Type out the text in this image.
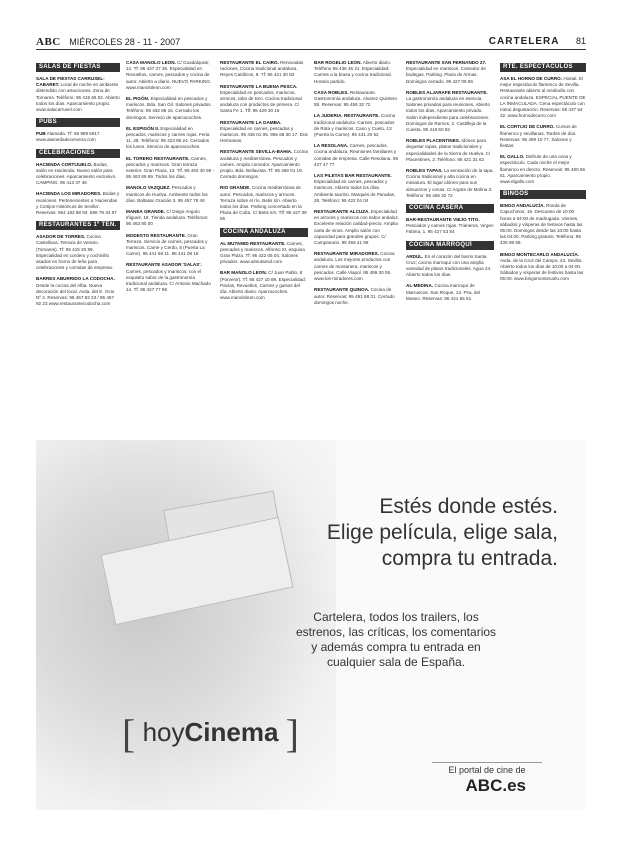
ABC MIÉRCOLES 28 - 11 - 2007	CARTELERA 81
SALAS DE FIESTAS
SALA DE FIESTAS CARRUSEL-CABARET. Local de noche en ambiente distendido con atracciones. Zona de Tomares. Teléfono: 95 415 56 02. Abierto todos los días. Aparcamiento propio. www.salacarrusel.com
PUBS
PUB Alameda. Tf: 66 989 5917 www.alamedadecerveza.com
CELEBRACIONES
HACIENDA CORTIJUELO. Bodas, salón en Hacienda. Nuevo salón para celebraciones. Aparcamiento exclusivo. CAMPING. 95 413 37 46
HACIENDA LOS MIRADORES. Bodas y reuniones. Pertenecientes a 'Haciendas y Cortijos Históricos de Sevilla'. Reservas: 954 183 88 93. 686 79 34 67
RESTAURANTES 1º TEN.
ASADOR DE TORRES. Cocina Castellana. Terraza de Verano. (Tomares). Tf: 95 415 20 89. Especialidad en cordero y cochinillo asados en horno de leña para celebraciones y comidas de empresa.
BARRES ABURRIDO LA CODOCHA. Desde la cocina del Alba. Nueva decoración del local. Avda. del E. Ocio Nº 2. Reservas: 95 457 82 23 / 95 457 92 23 www.restaurantecodocha.com
CASA MANOLO LEON. C/ Guadalquivir, 12. Tf: 95 437 37 35. Especialidad en Revueltos, carnes, pescados y cocina de autor. Abierto a diario. NUEVO PARKING. www.manololeon.com
EL PIGÓN. Especialidad en pescados y mariscos. Bda. San Gil. Salones privados. Teléfono: 95 462 88 15. Cerrado los domingos. Servicio de aparcacoches.
EL ESPIGÓN II. Especialidad en pescados, mariscos y carnes rojas. Feria 11, 28. Teléfono: 95 423 95 24. Cerrados los lunes. Servicio de aparcacoches.
EL TORERO RESTAURANTE. Carnes, pescados y mariscos. Gran terraza exterior. Gran Plaza, 13. Tlf. 95 463 40 69 - 95 463 69 69. Todos los días.
MANOLO VAZQUEZ. Pescados y mariscos de Huelva. Ambiente todos los días. Baltasar Gracián 3. 95 457 78 46
MANEA GRANDE. C/ Diego Angulo Iñiguez, 16. Tienda andaluza. Teléfonos: 95 463 80 00
MODESTO RESTAURANTE. Gran Terraza. Servicio de carnes, pescados y mariscos. Carne y Cerdo, 5 (Puerta La Carne). 95 441 68 11. 95 441 08 16
RESTAURANTE ASADOR 'SALAS'. Carnes, pescados y mariscos, con el exquisito sabor de la gastronomía tradicional andaluza. C/ Antonio Machado 14. Tf: 95 427 77 96
RESTAURANTE EL CAIRO. Renovadas raciones, Cocina tradicional andaluza. Reyes Católicos, 9. Tf: 95 421 30 83
RESTAURANTE LA BUENA PESCA. Especialidad en pescados, mariscos, arroces, rabo de toro. Cocina tradicional andaluza con productos de primera. C/ Santa Fe 1. Tlf: 95 429 30 16
RESTAURANTE LA GAMBA. Especialidad en carnes, pescados y mariscos. 95 436 01 05. 955 66 30 17. Dos Hermanas.
RESTAURANTE SEVILLA-BAHIA. Cocina andaluza y mediterránea. Pescados y carnes. Amplio comedor. Aparcamiento propio. Bda. Bellavista. Tf: 95 469 01 19. Cerrado domingos.
RIO GRANDE. Cocina mediterránea de autor. Pescados, mariscos y arroces. Terraza sobre el río. Betis s/n. Abierto todos los días. Parking concertado en la Plaza de Cuba. C/ Betis s/n. Tlf: 95 427 39 56
COCINA ANDALUZA
AL MUTAMID RESTAURANTE. Carnes, pescados y mariscos. Alfonso XI, esquina Gran Plaza. Tf: 95 422 05 04. Salones privados. www.almutamid.com
BAR MANOLO LEON. C/ Juan Pablo, 8 (Porvenir). Tf: 95 427 10 89. Especialidad: Pavías, Revueltos, Carnes y guisos del día. Abierto diario. Aparcacoches. www.manololeon.com
BAR ROGELIO LEON. Abierto diario. Teléfono 95 436 45 21. Especialidad: Carnes a la brasa y cocina tradicional. Horario partido.
CASA ROBLES. Restaurante. Gastronomía andaluza. Alvarez Quintero 58. Reservas: 95 456 32 72
LA JUDERIA. RESTAURANTE. Cocina tradicional andaluza. Carnes, pescados de Rota y mariscos. Cano y Cueto, 13 (Puerta la Carne). 95 441 20 52
LA RESOLANA. Carnes, pescados, cocina andaluza. Reuniones familiares y comidas de empresa. Calle Resolana. 95 437 47 77
LAS PILETAS BAR RESTAURANTE. Especialidad en carnes, pescados y mariscos. Abierto todos los días. Ambiente taurino. Marqués de Paradas, 28. Teléfono: 95 422 04 04
RESTAURANTE ALCUZA. Especialidad en arroces y mariscos con sabor andaluz. Excelente relación calidad-precio. Amplia carta de vinos. Amplio salón con capacidad para grandes grupos. C/ Campanario. 95 456 41 98
RESTAURANTE MIRADORES. Cocina andaluza. Los mejores productos con carnes de montanera, mariscos y pescados. Calle Viapol. 95 499 30 06. www.los-miradores.com
RESTAURANTE QUINOA. Cocina de autor. Reservas: 95 491 88 31. Cerrado domingos noche.
RESTAURANTE SAN FERNANDO 27. Especialidad en mariscos. Comedor de bodegas. Parking. Plaza de Armas. Domingos cerrado. 95 427 09 66
ROBLES ALJARAFE RESTAURANTE. La gastronomía andaluza en esencia. Salones privados para reuniones. Abierto todos los días. Aparcamiento privado. Salón independiente para celebraciones. Domingos de Ramos, 2. Castilleja de la Cuesta. 95 416 60 82
ROBLES PLACENTINES. Idóneo para degustar tapas, platos tradicionales y especialidades de la Sierra de Huelva. C/ Placentines, 2. Teléfono: 95 421 31 62
ROBLES TAPAS. La sensación de la tapa. Cocina tradicional y alta cocina en miniatura. El lugar idóneo para sus almuerzos y cenas. C/ Argote de Molina 3. Teléfono: 95 456 32 72
COCINA CASERA
BAR-RESTAURANTE VIEJO TITO. Pescados y carnes rojas. Trianeros, Virgen Fátima, 1. 95 427 53 84
COCINA MARROQUÍ
ARDUL. En el corazón del barrio Santa Cruz; cocina marroquí con una amplia variedad de platos tradicionales. Agua 24. Abierto todos los días.
AL-MEDINA. Cocina marroquí de Marruecos. San Roque, 13. Pza. del Museo. Reservas: 95 421 55 51
RTE. ESPECTÁCULOS
ASA EL HORNO DE CURRO. Hostal. El mejor espectáculo flamenco de Sevilla. Restaurante abierto al mediodía con cocina andaluza. ESPECIAL PUENTE DE LA INMACULADA. Cena espectáculo con menú degustación. Reservas: 95 437 54 32. www.hornodecurro.com
EL CORTIJO DE CURRO. Cursos de flamenco y sevillanas. Tardes de dúo. Reservas: 95 499 10 77. Salones y fiestas.
EL GALLO. Disfrute de una cena y espectáculo. Cada noche el mejor flamenco en directo. Reservas: 95 490 66 51. Aparcamiento propio. www.elgallo.com
BINGOS
BINGO ANDALUCÍA. Ronda de Capuchinos, 19. Descanso de 10:00 horas a 04:00 de madrugada. Viernes, sábados y vísperas de festivos hasta las 05:00. Domingos desde las 10:00 hasta las 04:00. Parking gratuito. Teléfono: 95 435 98 68.
BINGO MONTECARLO ANDALUCÍA. Avda. de la Cruz del Campo, 43. Sevilla. Abierto todos los días de 10:00 a 04:00. Sábados y vísperas de festivos hasta las 05:00. www.bingomontecarlo.com
Estés donde estés.
Elige película, elige sala,
compra tu entrada.
Cartelera, todos los trailers, los
estrenos, las críticas, los comentarios
y además compra tu entrada en
cualquier sala de España.
[ hoyCinema ]
El portal de cine de
ABC.es
